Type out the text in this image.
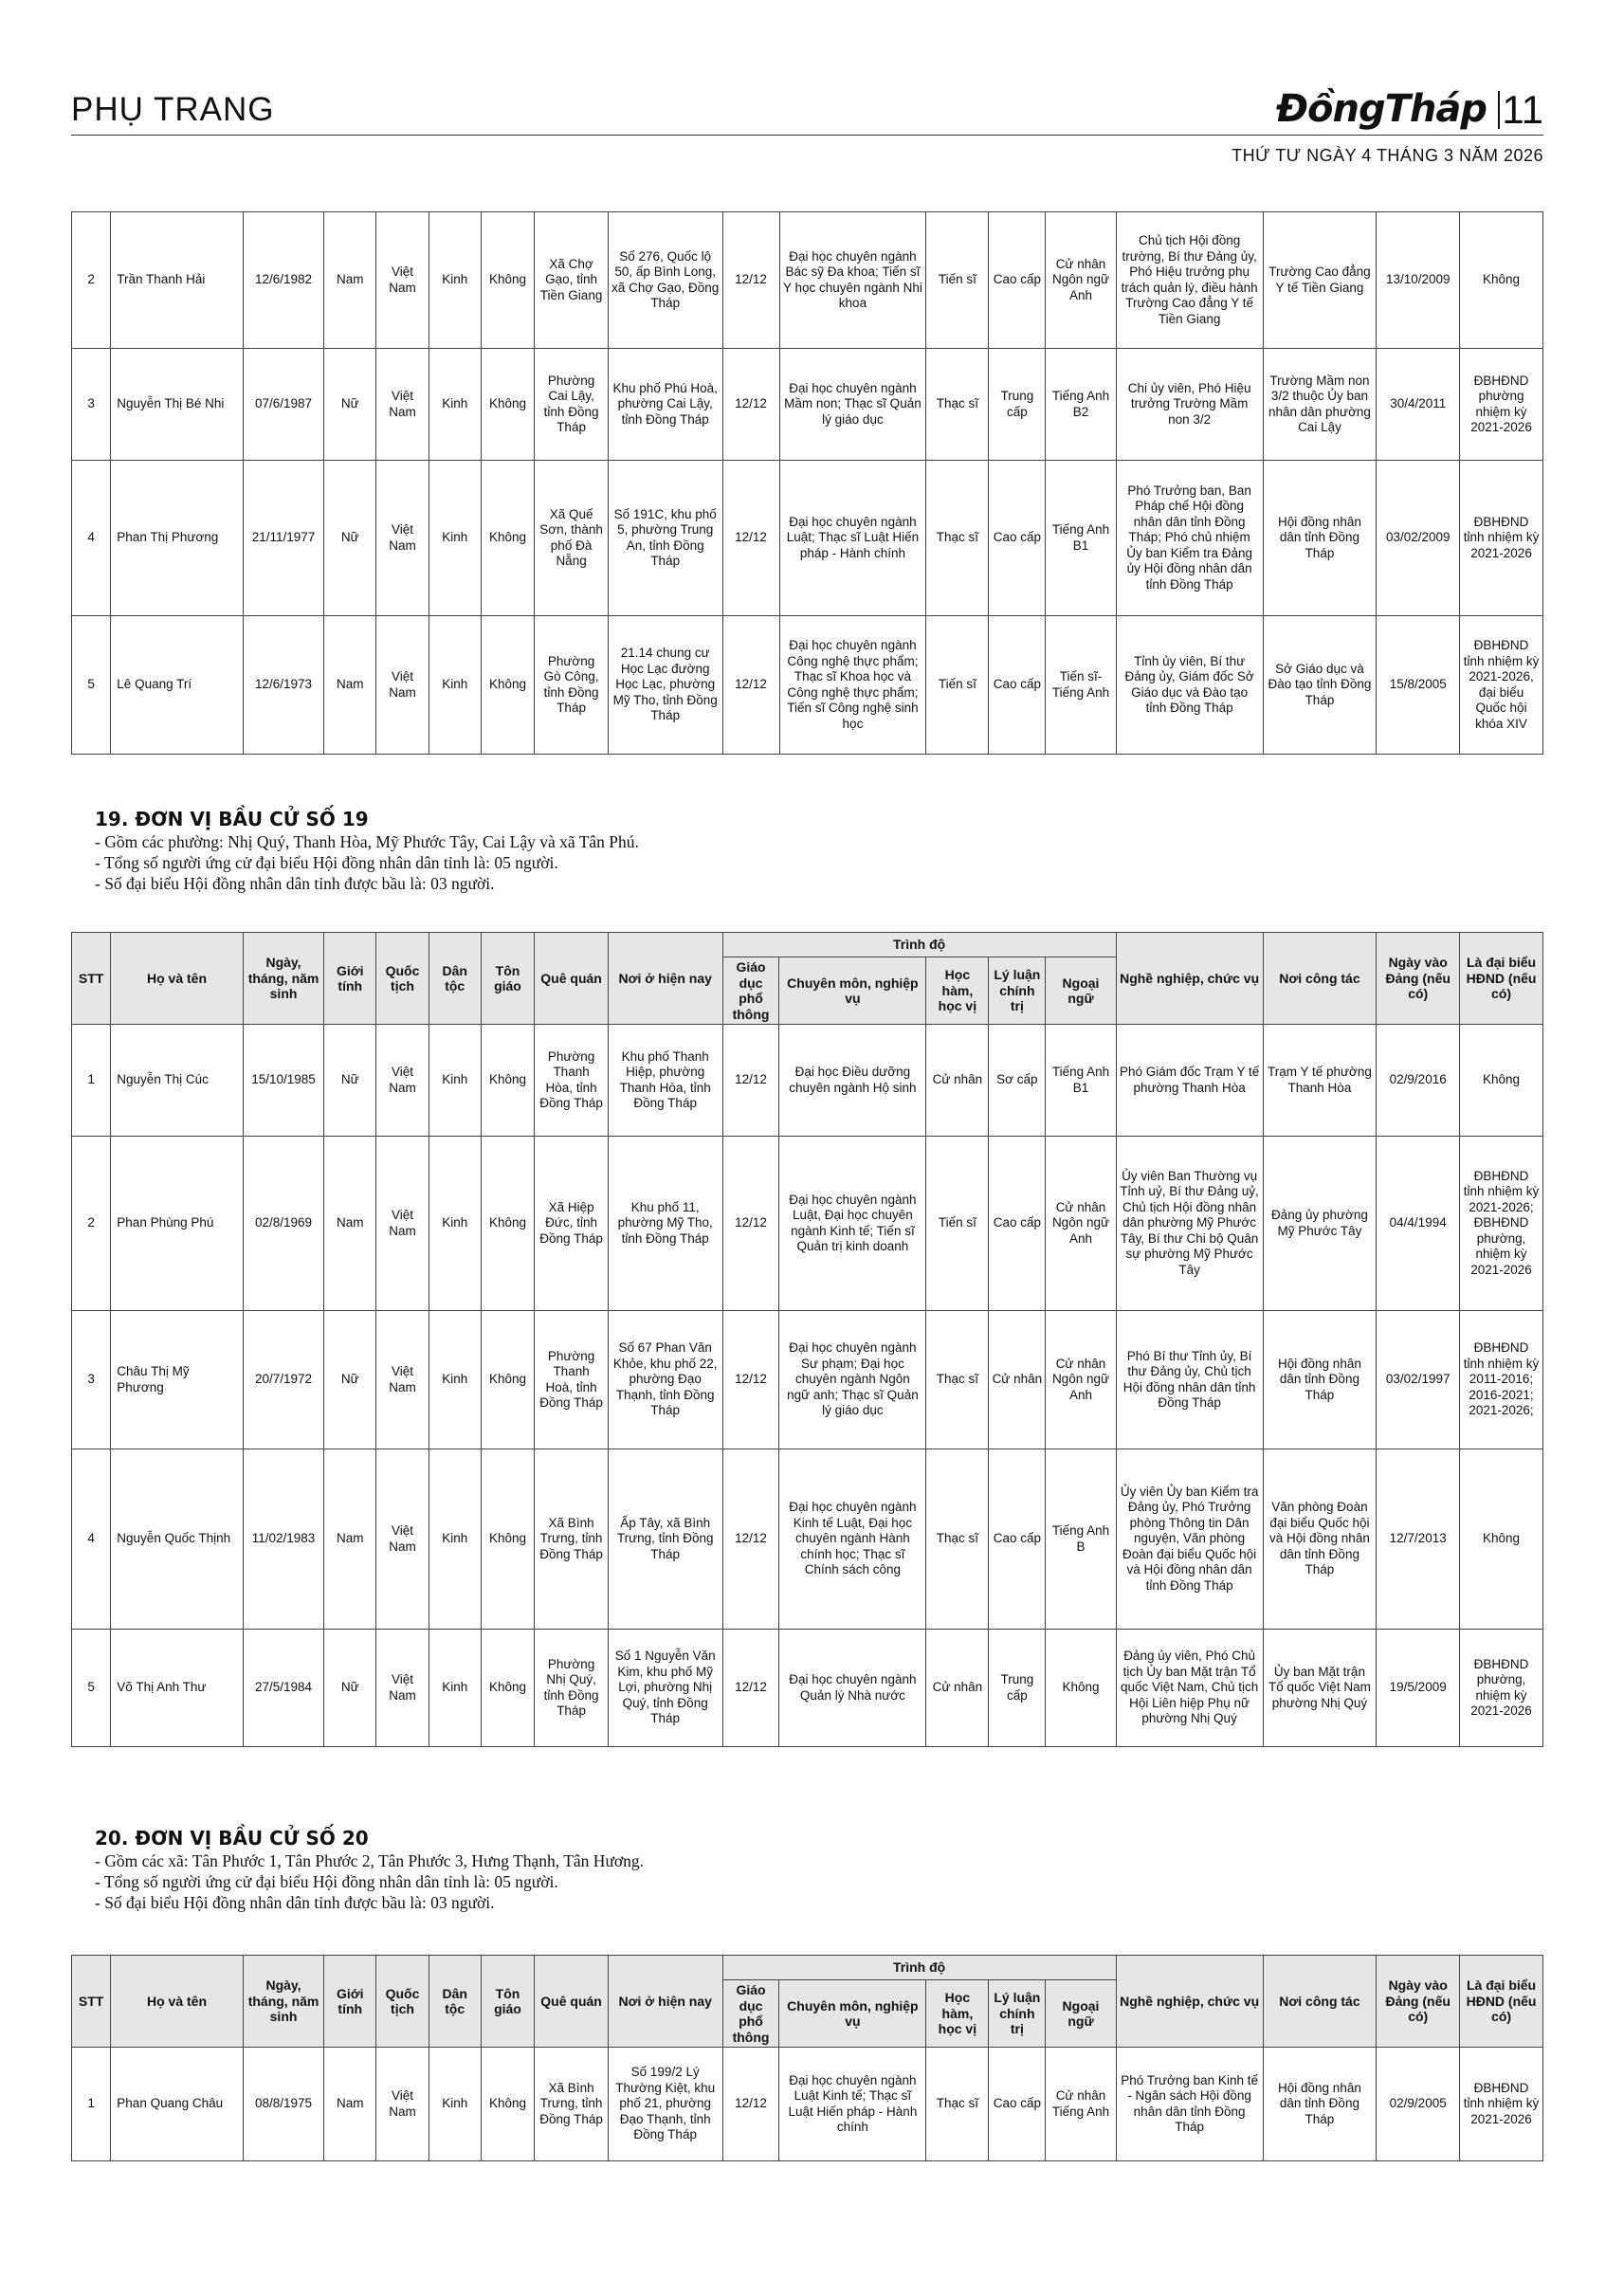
PHỤ TRANG	ĐồngTháp 11
THỨ TƯ NGÀY 4 THÁNG 3 NĂM 2026
2	Trần Thanh Hải	12/6/1982	Nam	Việt Nam	Kinh	Không	Xã Chợ Gạo, tỉnh Tiền Giang	Số 276, Quốc lộ 50, ấp Bình Long, xã Chợ Gạo, Đồng Tháp	12/12	Đại học chuyên ngành Bác sỹ Đa khoa; Tiến sĩ Y học chuyên ngành Nhi khoa	Tiến sĩ	Cao cấp	Cử nhân Ngôn ngữ Anh	Chủ tịch Hội đồng trường, Bí thư Đảng ủy, Phó Hiệu trưởng phụ trách quản lý, điều hành Trường Cao đẳng Y tế Tiền Giang	Trường Cao đẳng Y tế Tiền Giang	13/10/2009	Không
3	Nguyễn Thị Bé Nhi	07/6/1987	Nữ	Việt Nam	Kinh	Không	Phường Cai Lậy, tỉnh Đồng Tháp	Khu phố Phú Hoà, phường Cai Lậy, tỉnh Đồng Tháp	12/12	Đại học chuyên ngành Mầm non; Thạc sĩ Quản lý giáo dục	Thạc sĩ	Trung cấp	Tiếng Anh B2	Chi ủy viên, Phó Hiệu trưởng Trường Mầm non 3/2	Trường Mầm non 3/2 thuộc Ủy ban nhân dân phường Cai Lậy	30/4/2011	ĐBHĐND phường nhiệm kỳ 2021-2026
4	Phan Thị Phương	21/11/1977	Nữ	Việt Nam	Kinh	Không	Xã Quế Sơn, thành phố Đà Nẵng	Số 191C, khu phố 5, phường Trung An, tỉnh Đồng Tháp	12/12	Đại học chuyên ngành Luật; Thạc sĩ Luật Hiến pháp - Hành chính	Thạc sĩ	Cao cấp	Tiếng Anh B1	Phó Trưởng ban, Ban Pháp chế Hội đồng nhân dân tỉnh Đồng Tháp; Phó chủ nhiệm Ủy ban Kiểm tra Đảng ủy Hội đồng nhân dân tỉnh Đồng Tháp	Hội đồng nhân dân tỉnh Đồng Tháp	03/02/2009	ĐBHĐND tỉnh nhiệm kỳ 2021-2026
5	Lê Quang Trí	12/6/1973	Nam	Việt Nam	Kinh	Không	Phường Gò Công, tỉnh Đồng Tháp	21.14 chung cư Học Lạc đường Học Lạc, phường Mỹ Tho, tỉnh Đồng Tháp	12/12	Đại học chuyên ngành Công nghệ thực phẩm; Thạc sĩ Khoa học và Công nghệ thực phẩm; Tiến sĩ Công nghệ sinh học	Tiến sĩ	Cao cấp	Tiến sĩ- Tiếng Anh	Tỉnh ủy viên, Bí thư Đảng ủy, Giám đốc Sở Giáo dục và Đào tạo tỉnh Đồng Tháp	Sở Giáo dục và Đào tạo tỉnh Đồng Tháp	15/8/2005	ĐBHĐND tỉnh nhiệm kỳ 2021-2026, đại biểu Quốc hội khóa XIV
19. ĐƠN VỊ BẦU CỬ SỐ 19
- Gồm các phường: Nhị Quý, Thanh Hòa, Mỹ Phước Tây, Cai Lậy và xã Tân Phú.
- Tổng số người ứng cử đại biểu Hội đồng nhân dân tỉnh là: 05 người.
- Số đại biểu Hội đồng nhân dân tỉnh được bầu là: 03 người.
STT	Họ và tên	Ngày, tháng, năm sinh	Giới tính	Quốc tịch	Dân tộc	Tôn giáo	Quê quán	Nơi ở hiện nay	Trình độ					Nghề nghiệp, chức vụ	Nơi công tác	Ngày vào Đảng (nếu có)	Là đại biểu HĐND (nếu có)
									Giáo dục phổ thông	Chuyên môn, nghiệp vụ	Học hàm, học vị	Lý luận chính trị	Ngoại ngữ				
1	Nguyễn Thị Cúc	15/10/1985	Nữ	Việt Nam	Kinh	Không	Phường Thanh Hòa, tỉnh Đồng Tháp	Khu phố Thanh Hiệp, phường Thanh Hòa, tỉnh Đồng Tháp	12/12	Đại học Điều dưỡng chuyên ngành Hộ sinh	Cử nhân	Sơ cấp	Tiếng Anh B1	Phó Giám đốc Trạm Y tế phường Thanh Hòa	Trạm Y tế phường Thanh Hòa	02/9/2016	Không
2	Phan Phùng Phú	02/8/1969	Nam	Việt Nam	Kinh	Không	Xã Hiệp Đức, tỉnh Đồng Tháp	Khu phố 11, phường Mỹ Tho, tỉnh Đồng Tháp	12/12	Đại học chuyên ngành Luật, Đại học chuyên ngành Kinh tế; Tiến sĩ Quản trị kinh doanh	Tiến sĩ	Cao cấp	Cử nhân Ngôn ngữ Anh	Ủy viên Ban Thường vụ Tỉnh uỷ, Bí thư Đảng uỷ, Chủ tịch Hội đồng nhân dân phường Mỹ Phước Tây, Bí thư Chi bộ Quân sự phường Mỹ Phước Tây	Đảng ủy phường Mỹ Phước Tây	04/4/1994	ĐBHĐND tỉnh nhiệm kỳ 2021-2026; ĐBHĐND phường, nhiệm kỳ 2021-2026
3	Châu Thị Mỹ Phương	20/7/1972	Nữ	Việt Nam	Kinh	Không	Phường Thanh Hoà, tỉnh Đồng Tháp	Số 67 Phan Văn Khỏe, khu phố 22, phường Đạo Thạnh, tỉnh Đồng Tháp	12/12	Đại học chuyên ngành Sư phạm; Đại học chuyên ngành Ngôn ngữ anh; Thạc sĩ Quản lý giáo dục	Thạc sĩ	Cử nhân	Cử nhân Ngôn ngữ Anh	Phó Bí thư Tỉnh ủy, Bí thư Đảng ủy, Chủ tịch Hội đồng nhân dân tỉnh Đồng Tháp	Hội đồng nhân dân tỉnh Đồng Tháp	03/02/1997	ĐBHĐND tỉnh nhiệm kỳ 2011-2016; 2016-2021; 2021-2026;
4	Nguyễn Quốc Thịnh	11/02/1983	Nam	Việt Nam	Kinh	Không	Xã Bình Trưng, tỉnh Đồng Tháp	Ấp Tây, xã Bình Trưng, tỉnh Đồng Tháp	12/12	Đại học chuyên ngành Kinh tế Luật, Đại học chuyên ngành Hành chính học; Thạc sĩ Chính sách công	Thạc sĩ	Cao cấp	Tiếng Anh B	Ủy viên Ủy ban Kiểm tra Đảng ủy, Phó Trưởng phòng Thông tin Dân nguyện, Văn phòng Đoàn đại biểu Quốc hội và Hội đồng nhân dân tỉnh Đồng Tháp	Văn phòng Đoàn đại biểu Quốc hội và Hội đồng nhân dân tỉnh Đồng Tháp	12/7/2013	Không
5	Võ Thị Anh Thư	27/5/1984	Nữ	Việt Nam	Kinh	Không	Phường Nhị Quý, tỉnh Đồng Tháp	Số 1 Nguyễn Văn Kim, khu phố Mỹ Lợi, phường Nhị Quý, tỉnh Đồng Tháp	12/12	Đại học chuyên ngành Quản lý Nhà nước	Cử nhân	Trung cấp	Không	Đảng ủy viên, Phó Chủ tịch Ủy ban Mặt trận Tổ quốc Việt Nam, Chủ tịch Hội Liên hiệp Phụ nữ phường Nhị Quý	Ủy ban Mặt trận Tổ quốc Việt Nam phường Nhị Quý	19/5/2009	ĐBHĐND phường, nhiệm kỳ 2021-2026
20. ĐƠN VỊ BẦU CỬ SỐ 20
- Gồm các xã: Tân Phước 1, Tân Phước 2, Tân Phước 3, Hưng Thạnh, Tân Hương.
- Tổng số người ứng cử đại biểu Hội đồng nhân dân tỉnh là: 05 người.
- Số đại biểu Hội đồng nhân dân tỉnh được bầu là: 03 người.
STT	Họ và tên	Ngày, tháng, năm sinh	Giới tính	Quốc tịch	Dân tộc	Tôn giáo	Quê quán	Nơi ở hiện nay	Trình độ					Nghề nghiệp, chức vụ	Nơi công tác	Ngày vào Đảng (nếu có)	Là đại biểu HĐND (nếu có)
									Giáo dục phổ thông	Chuyên môn, nghiệp vụ	Học hàm, học vị	Lý luận chính trị	Ngoại ngữ				
1	Phan Quang Châu	08/8/1975	Nam	Việt Nam	Kinh	Không	Xã Bình Trưng, tỉnh Đồng Tháp	Số 199/2 Lý Thường Kiệt, khu phố 21, phường Đạo Thạnh, tỉnh Đồng Tháp	12/12	Đại học chuyên ngành Luật Kinh tế; Thạc sĩ Luật Hiến pháp - Hành chính	Thạc sĩ	Cao cấp	Cử nhân Tiếng Anh	Phó Trưởng ban Kinh tế - Ngân sách Hội đồng nhân dân tỉnh Đồng Tháp	Hội đồng nhân dân tỉnh Đồng Tháp	02/9/2005	ĐBHĐND tỉnh nhiệm kỳ 2021-2026
